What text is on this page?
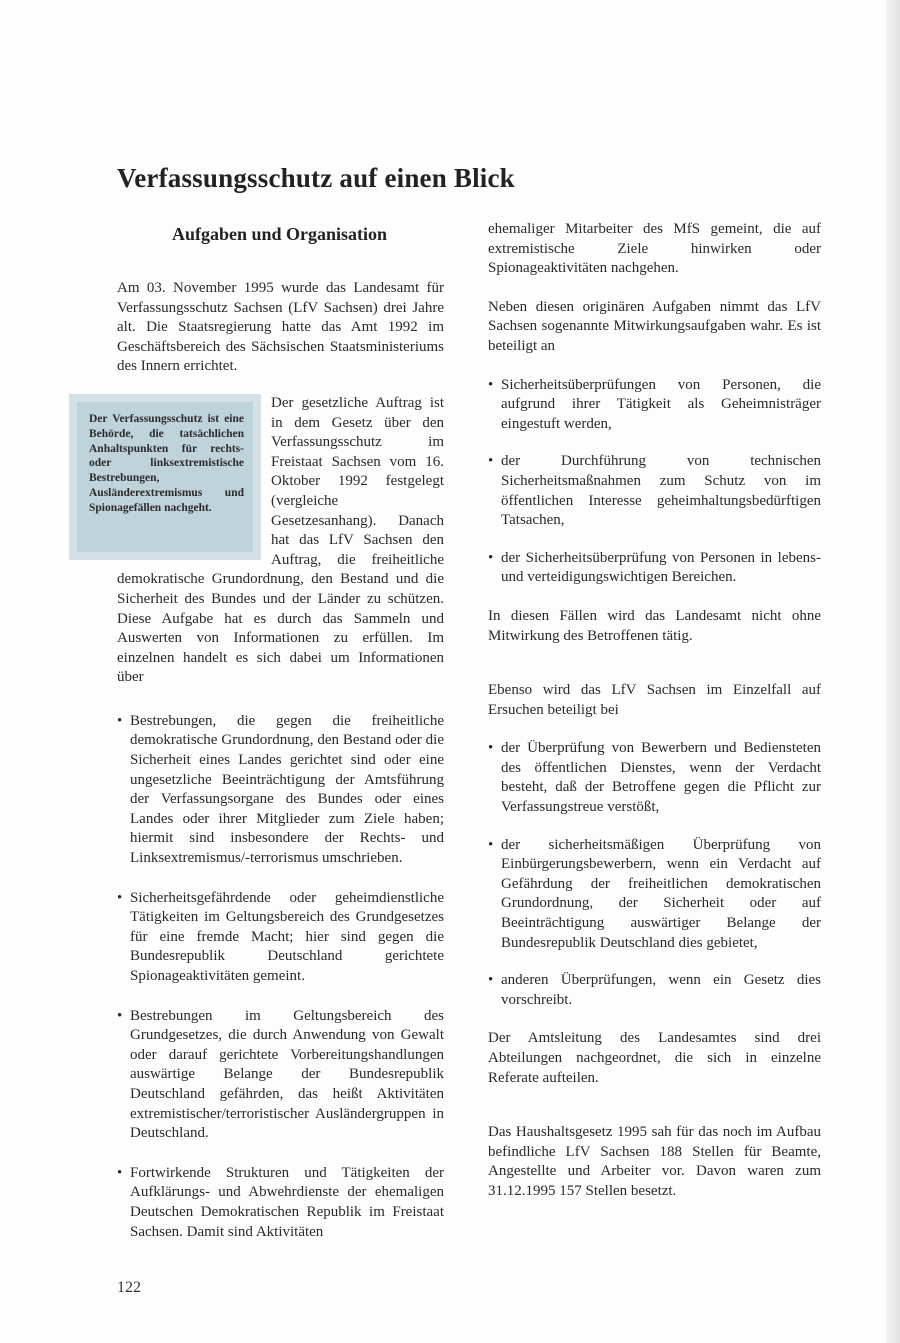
Verfassungsschutz auf einen Blick
Aufgaben und Organisation

Am 03. November 1995 wurde das Landesamt für Verfassungsschutz Sachsen (LfV Sachsen) drei Jahre alt. Die Staatsregierung hatte das Amt 1992 im Geschäftsbereich des Sächsischen Staatsministeriums des Innern errichtet.

Der Verfassungsschutz ist eine Behörde, die tatsächlichen Anhaltspunkten für rechts- oder linksextremistische Bestrebungen, Ausländerextremismus und Spionagefällen nachgeht.

Der gesetzliche Auftrag ist in dem Gesetz über den Verfassungsschutz im Freistaat Sachsen vom 16. Oktober 1992 festgelegt (vergleiche Gesetzesanhang). Danach hat das LfV Sachsen den Auftrag, die freiheitliche demokratische Grundordnung, den Bestand und die Sicherheit des Bundes und der Länder zu schützen. Diese Aufgabe hat es durch das Sammeln und Auswerten von Informationen zu erfüllen. Im einzelnen handelt es sich dabei um Informationen über

• Bestrebungen, die gegen die freiheitliche demokratische Grundordnung, den Bestand oder die Sicherheit eines Landes gerichtet sind oder eine ungesetzliche Beeinträchtigung der Amtsführung der Verfassungsorgane des Bundes oder eines Landes oder ihrer Mitglieder zum Ziele haben; hiermit sind insbesondere der Rechts- und Linksextremismus/-terrorismus umschrieben.
• Sicherheitsgefährdende oder geheimdienstliche Tätigkeiten im Geltungsbereich des Grundgesetzes für eine fremde Macht; hier sind gegen die Bundesrepublik Deutschland gerichtete Spionageaktivitäten gemeint.
• Bestrebungen im Geltungsbereich des Grundgesetzes, die durch Anwendung von Gewalt oder darauf gerichtete Vorbereitungshandlungen auswärtige Belange der Bundesrepublik Deutschland gefährden, das heißt Aktivitäten extremistischer/terroristischer Ausländergruppen in Deutschland.
• Fortwirkende Strukturen und Tätigkeiten der Aufklärungs- und Abwehrdienste der ehemaligen Deutschen Demokratischen Republik im Freistaat Sachsen. Damit sind Aktivitäten

ehemaliger Mitarbeiter des MfS gemeint, die auf extremistische Ziele hinwirken oder Spionageaktivitäten nachgehen.

Neben diesen originären Aufgaben nimmt das LfV Sachsen sogenannte Mitwirkungsaufgaben wahr. Es ist beteiligt an

• Sicherheitsüberprüfungen von Personen, die aufgrund ihrer Tätigkeit als Geheimnisträger eingestuft werden,
• der Durchführung von technischen Sicherheitsmaßnahmen zum Schutz von im öffentlichen Interesse geheimhaltungsbedürftigen Tatsachen,
• der Sicherheitsüberprüfung von Personen in lebens- und verteidigungswichtigen Bereichen.

In diesen Fällen wird das Landesamt nicht ohne Mitwirkung des Betroffenen tätig.

Ebenso wird das LfV Sachsen im Einzelfall auf Ersuchen beteiligt bei

• der Überprüfung von Bewerbern und Bediensteten des öffentlichen Dienstes, wenn der Verdacht besteht, daß der Betroffene gegen die Pflicht zur Verfassungstreue verstößt,
• der sicherheitsmäßigen Überprüfung von Einbürgerungsbewerbern, wenn ein Verdacht auf Gefährdung der freiheitlichen demokratischen Grundordnung, der Sicherheit oder auf Beeinträchtigung auswärtiger Belange der Bundesrepublik Deutschland dies gebietet,
• anderen Überprüfungen, wenn ein Gesetz dies vorschreibt.

Der Amtsleitung des Landesamtes sind drei Abteilungen nachgeordnet, die sich in einzelne Referate aufteilen.

Das Haushaltsgesetz 1995 sah für das noch im Aufbau befindliche LfV Sachsen 188 Stellen für Beamte, Angestellte und Arbeiter vor. Davon waren zum 31.12.1995 157 Stellen besetzt.

122
